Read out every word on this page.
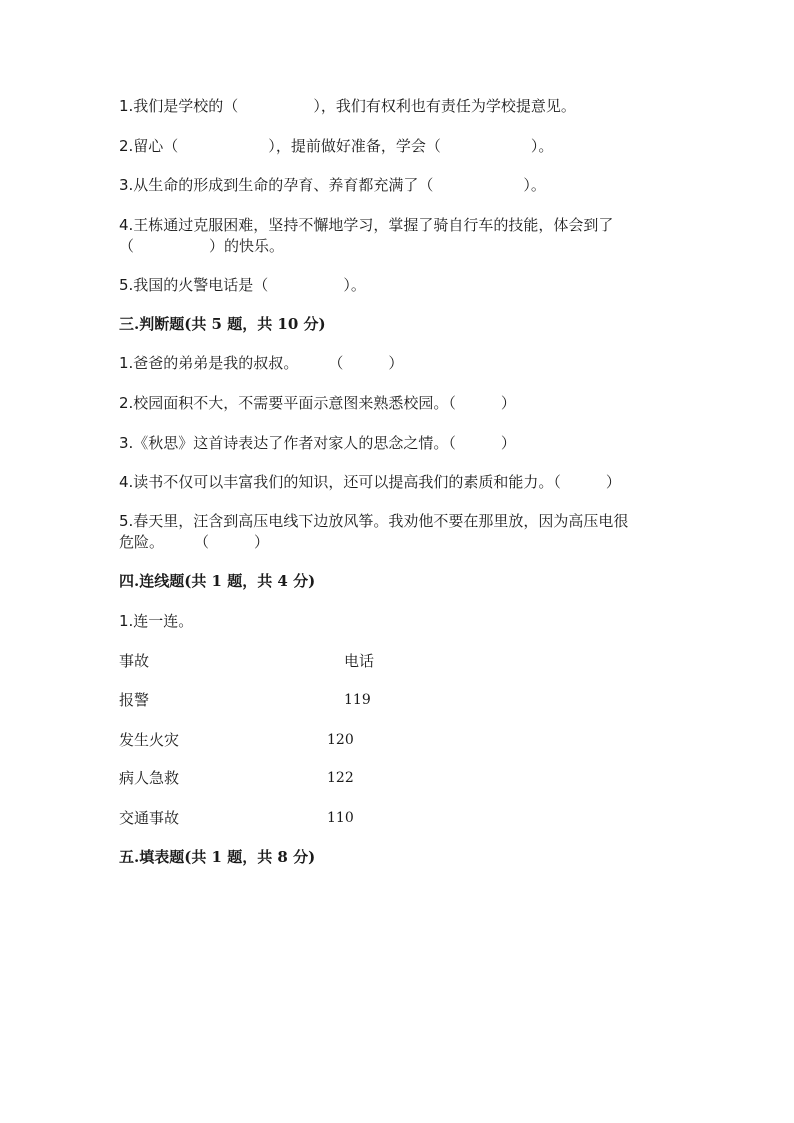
1.我们是学校的（　　　　　），我们有权利也有责任为学校提意见。
2.留心（　　　　　　），提前做好准备，学会（　　　　　　）。
3.从生命的形成到生命的孕育、养育都充满了（　　　　　　）。
4.王栋通过克服困难，坚持不懈地学习，掌握了骑自行车的技能，体会到了
（　　　　　）的快乐。
5.我国的火警电话是（　　　　　）。
三.判断题(共 5 题，共 10 分)
1.爸爸的弟弟是我的叔叔。　　　（　　　）
2.校园面积不大，不需要平面示意图来熟悉校园。（　　　）
3.《秋思》这首诗表达了作者对家人的思念之情。（　　　）
4.读书不仅可以丰富我们的知识，还可以提高我们的素质和能力。（　　　）
5.春天里，汪含到高压电线下边放风筝。我劝他不要在那里放，因为高压电很
危险。　　　（　　　）
四.连线题(共 1 题，共 4 分)
1.连一连。
事故	电话
报警	119
发生火灾	120
病人急救	122
交通事故	110
五.填表题(共 1 题，共 8 分)
